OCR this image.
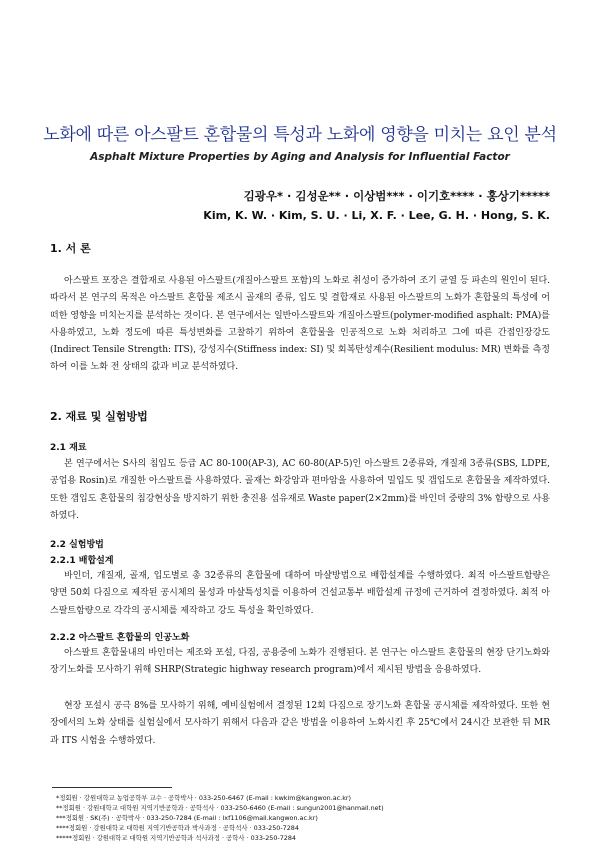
노화에 따른 아스팔트 혼합물의 특성과 노화에 영향을 미치는 요인 분석
Asphalt Mixture Properties by Aging and Analysis for Influential Factor
김광우* · 김성운** · 이상범*** · 이기호**** · 홍상기*****
Kim, K. W. · Kim, S. U. · Li, X. F. · Lee, G. H. · Hong, S. K.
1. 서 론
아스팔트 포장은 결합재로 사용된 아스팔트(개질아스팔트 포함)의 노화로 취성이 증가하여 조기 균열 등 파손의 원인이 된다. 따라서 본 연구의 목적은 아스팔트 혼합물 제조시 골재의 종류, 입도 및 결합재로 사용된 아스팔트의 노화가 혼합물의 특성에 어떠한 영향을 미치는지를 분석하는 것이다. 본 연구에서는 일반아스팔트와 개질아스팔트(polymer-modified asphalt: PMA)를 사용하였고, 노화 정도에 따른 특성변화를 고찰하기 위하여 혼합물을 인공적으로 노화 처리하고 그에 따른 간접인장강도(Indirect Tensile Strength: ITS), 강성지수(Stiffness index: SI) 및 회복탄성계수(Resilient modulus: MR) 변화를 측정하여 이를 노화 전 상태의 값과 비교 분석하였다.
2. 재료 및 실험방법
2.1 재료
본 연구에서는 S사의 침입도 등급 AC 80-100(AP-3), AC 60-80(AP-5)인 아스팔트 2종류와, 개질재 3종류(SBS, LDPE, 공업용 Rosin)로 개질한 아스팔트를 사용하였다. 골재는 화강암과 편마암을 사용하여 밀입도 및 갭입도로 혼합물을 제작하였다. 또한 갭입도 혼합물의 침강현상을 방지하기 위한 충진용 섬유재로 Waste paper(2×2mm)를 바인더 중량의 3% 함량으로 사용하였다.
2.2 실험방법
2.2.1 배합설계
바인더, 개질재, 골재, 입도별로 총 32종류의 혼합물에 대하여 마샬방법으로 배합설계를 수행하였다. 최적 아스팔트함량은 양면 50회 다짐으로 제작된 공시체의 물성과 마샬특성치를 이용하여 건설교통부 배합설계 규정에 근거하여 결정하였다. 최적 아스팔트함량으로 각각의 공시체를 제작하고 강도 특성을 확인하였다.
2.2.2 아스팔트 혼합물의 인공노화
아스팔트 혼합물내의 바인더는 제조와 포설, 다짐, 공용중에 노화가 진행된다. 본 연구는 아스팔트 혼합물의 현장 단기노화와 장기노화를 모사하기 위해 SHRP(Strategic highway research program)에서 제시된 방법을 응용하였다.
현장 포설시 공극 8%를 모사하기 위해, 예비실험에서 결정된 12회 다짐으로 장기노화 혼합물 공시체를 제작하였다. 또한 현장에서의 노화 상태를 실험실에서 모사하기 위해서 다음과 같은 방법을 이용하여 노화시킨 후 25℃에서 24시간 보관한 뒤 MR과 ITS 시험을 수행하였다.
*정회원 · 강원대학교 농업공학부 교수 · 공학박사 · 033-250-6467 (E-mail : kwkim@kangwon.ac.kr)
**정회원 · 강원대학교 대학원 지역기반공학과 · 공학석사 · 033-250-6460 (E-mail : sungun2001@hanmail.net)
***정회원 · SK(주) · 공학박사 · 033-250-7284 (E-mail : lxf1106@mail.kangwon.ac.kr)
****정회원 · 강원대학교 대학원 지역기반공학과 박사과정 · 공학석사 · 033-250-7284
*****정회원 · 강원대학교 대학원 지역기반공학과 석사과정 · 공학사 · 033-250-7284
